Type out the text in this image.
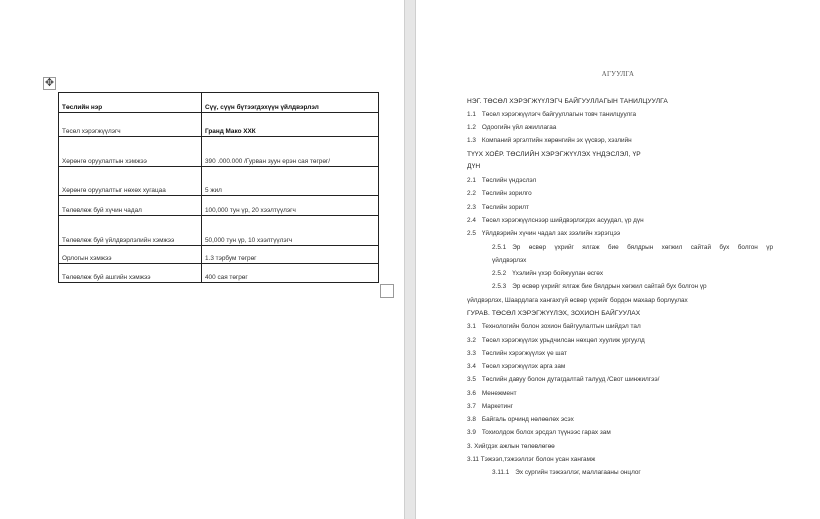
✥
Төслийн нэр	Сүү, сүүн бүтээгдэхүүн үйлдвэрлэл
Төсөл хэрэгжүүлэгч	Гранд Мако ХХК
Хөрөнгө оруулалтын хэмжээ	390 .000.000 /Гурван зуун ерэн сая төгрөг/
Хөрөнгө оруулалтыг нөхөх хугацаа	5 жил
Төлөвлөж буй хүчин чадал	100,000 тун үр, 20 хээлтүүлэгч
Төлөвлөж буй үйлдвэрлэлийн хэмжээ	50,000 тун үр, 10 хээлтүүлэгч
Орлогын хэмжээ	1.3 тэрбум төгрөг
Төлөвлөж буй ашгийн хэмжээ	400 сая төгрөг
АГУУЛГА
НЭГ. ТӨСӨЛ ХЭРЭГЖҮҮЛЭГЧ БАЙГУУЛЛАГЫН ТАНИЛЦУУЛГА
1.1 Төсөл хэрэгжүүлэгч байгууллагын товч танилцуулга
1.2 Одоогийн үйл ажиллагаа
1.3 Компаний эргэлтийн хөрөнгийн эх үүсвэр, хэзлийн
ТҮҮХ ХОЁР. ТӨСЛИЙН ХЭРЭГЖҮҮЛЭХ ҮНДЭСЛЭЛ, ҮР
ДҮН
2.1 Төслийн үндэслэл
2.2 Төслийн зорилго
2.3 Төслийн зорилт
2.4 Төсөл хэрэгжүүлснээр шийдвэрлэгдэх асуудал, үр дүн
2.5 Үйлдвэрийн хүчин чадал зах зээлийн хэрэгцээ
2.5.1 Эр өсвөр үхрийг ялгаж бие бялдрын хөгжил сайтай бух болгон үр
үйлдвэрлэх
2.5.2 Үхэлийн үхэр бойжуулан өсгөх
2.5.3 Эр өсвөр үхрийг ялгаж бие бялдрын хөгжил сайтай бух болгон үр
үйлдвэрлэх, Шаардлага хангахгүй өсвөр үхрийг бордон махаар борлуулах
ГУРАВ. ТӨСӨЛ ХЭРЭГЖҮҮЛЭХ, ЗОХИОН БАЙГУУЛАХ
3.1 Технологийн болон зохион байгуулалтын шийдэл тал
3.2 Төсөл хэрэгжүүлэх урьдчилсан нөхцөл хуулиж ургуулд
3.3 Төслийн хэрэгжүүлэх үе шат
3.4 Төсөл хэрэгжүүлэх арга зам
3.5 Төслийн давуу болон дутагдалтай талууд /Свот шинжилгээ/
3.6 Менежмент
3.7 Маркетинг
3.8 Байгаль орчинд нөлөөлөх эсэх
3.9 Тохиолдож болох эрсдэл түүнээс гарах зам
3. Хийгдэх ажлын төлөвлөгөө
3.11 Тэжээл,тэжээллэг болон усан хангамж
3.11.1 Эх сургийн тэжээллэг, маллагааны онцлог
